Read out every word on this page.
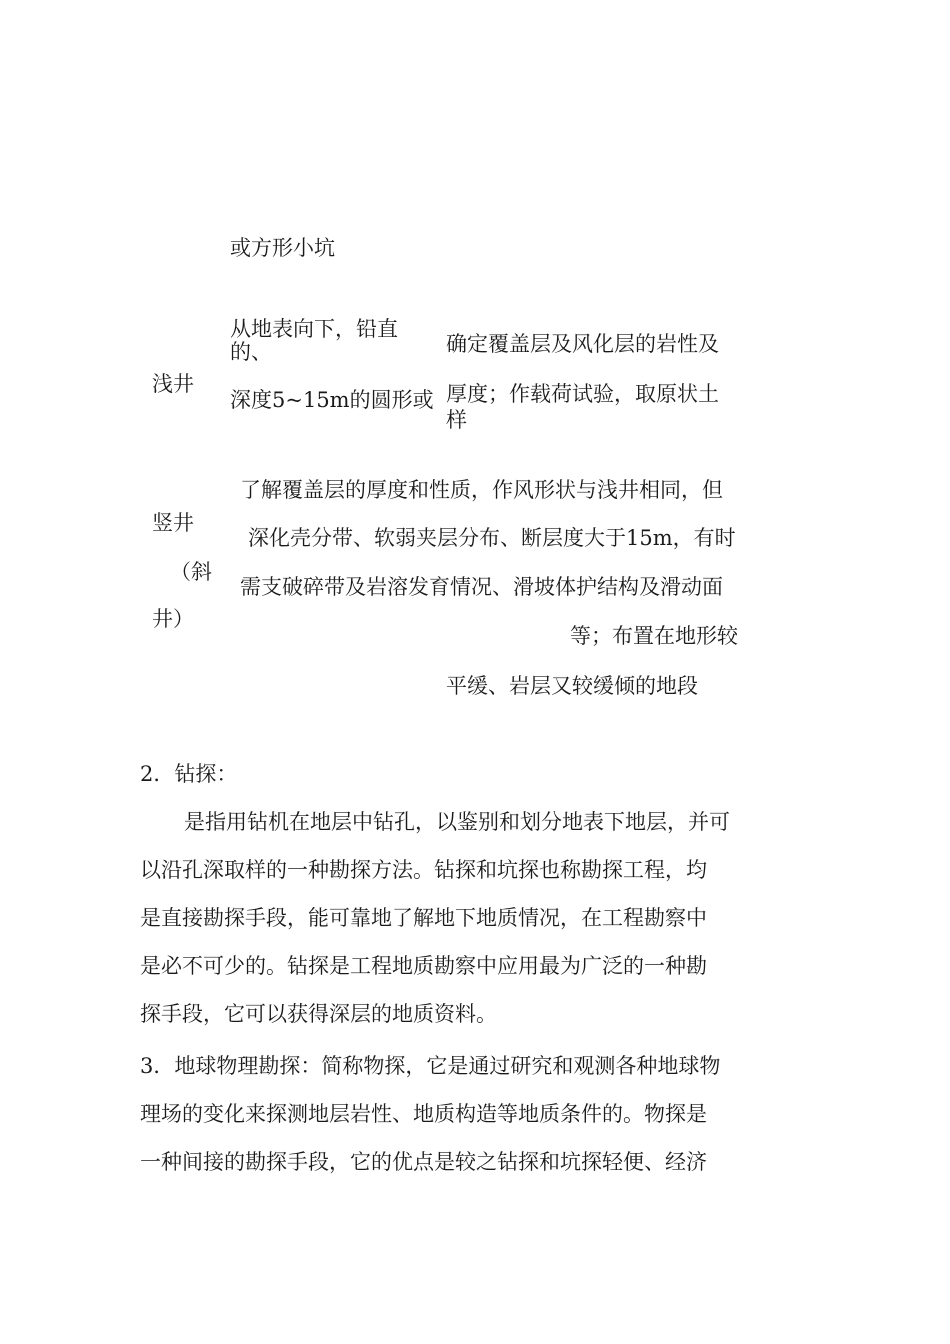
或方形小坑
浅井
从地表向下，铅直
的、
深度5~15m的圆形或
确定覆盖层及风化层的岩性及
厚度；作载荷试验，取原状土
样
竖井
（斜
井）
了解覆盖层的厚度和性质，作风形状与浅井相同，但
深化壳分带、软弱夹层分布、断层度大于15m，有时
需支破碎带及岩溶发育情况、滑坡体护结构及滑动面
等；布置在地形较
平缓、岩层又较缓倾的地段
2．钻探：
是指用钻机在地层中钻孔，以鉴别和划分地表下地层，并可
以沿孔深取样的一种勘探方法。钻探和坑探也称勘探工程，均
是直接勘探手段，能可靠地了解地下地质情况，在工程勘察中
是必不可少的。钻探是工程地质勘察中应用最为广泛的一种勘
探手段，它可以获得深层的地质资料。
3．地球物理勘探：简称物探，它是通过研究和观测各种地球物
理场的变化来探测地层岩性、地质构造等地质条件的。物探是
一种间接的勘探手段，它的优点是较之钻探和坑探轻便、经济
